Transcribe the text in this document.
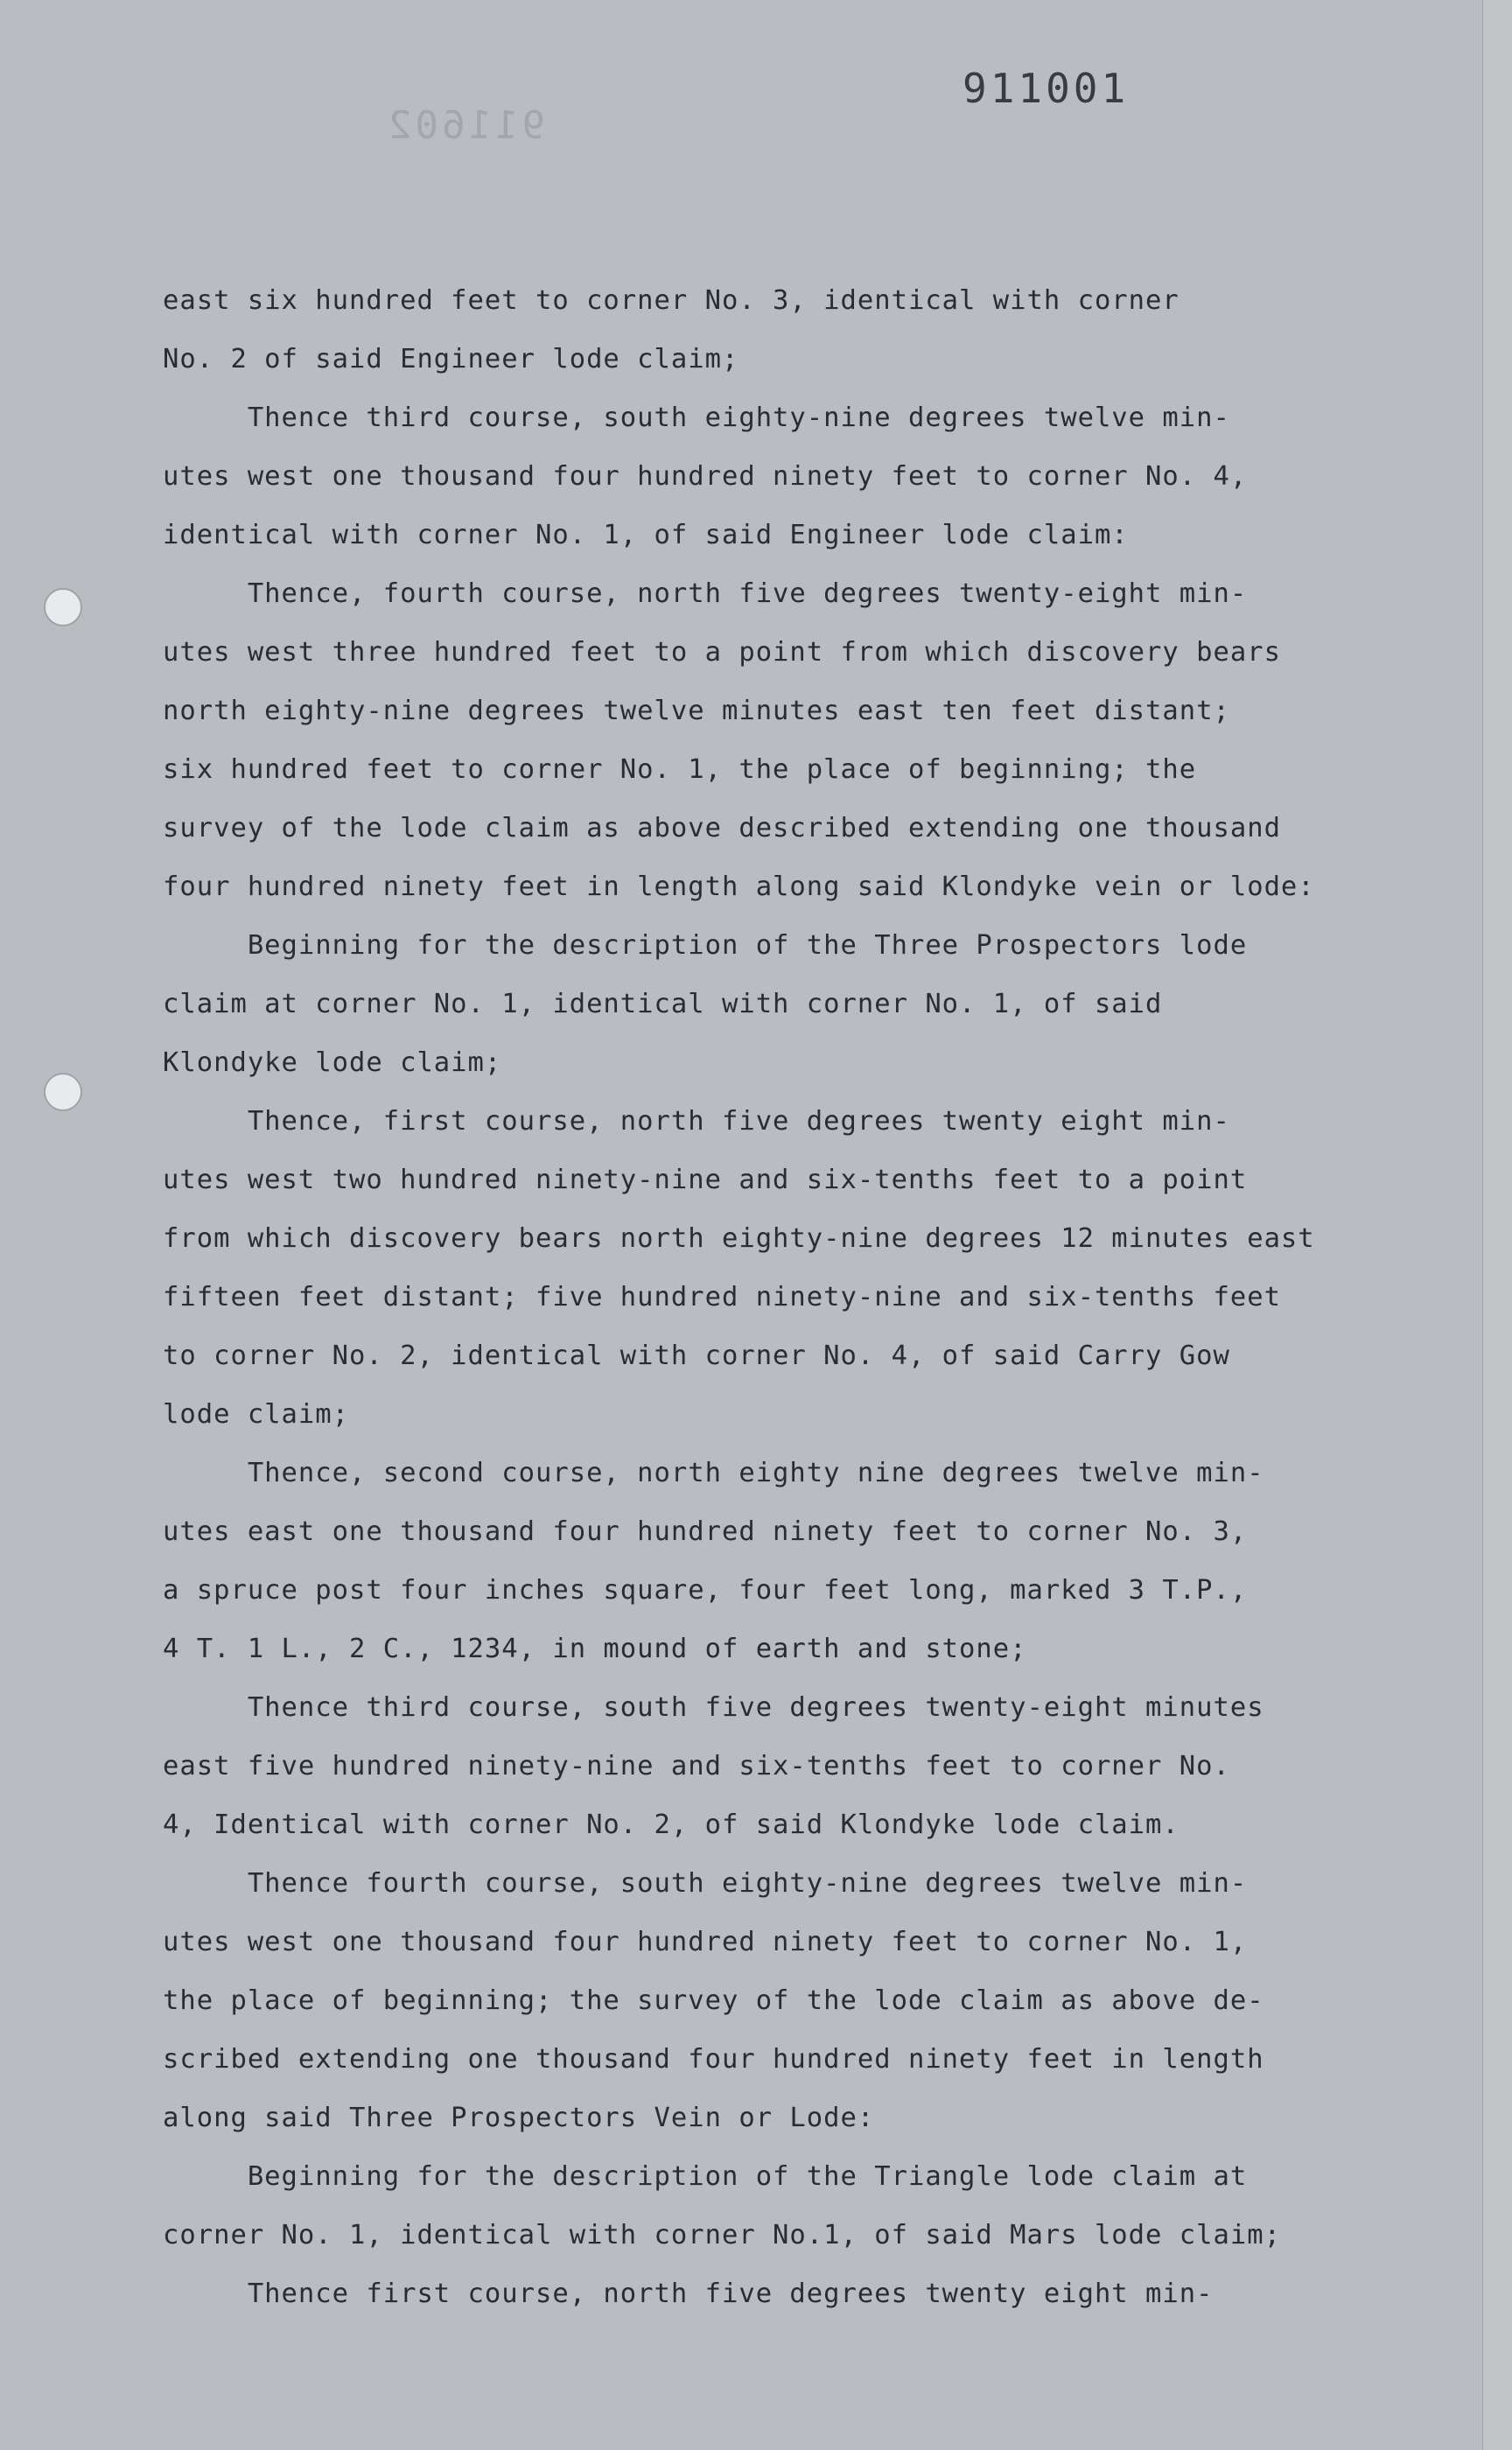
911602
911001
east six hundred feet to corner No. 3, identical with corner
No. 2 of said Engineer lode claim;
Thence third course, south eighty-nine degrees twelve min-
utes west one thousand four hundred ninety feet to corner No. 4,
identical with corner No. 1, of said Engineer lode claim:
Thence, fourth course, north five degrees twenty-eight min-
utes west three hundred feet to a point from which discovery bears
north eighty-nine degrees twelve minutes east ten feet distant;
six hundred feet to corner No. 1, the place of beginning; the
survey of the lode claim as above described extending one thousand
four hundred ninety feet in length along said Klondyke vein or lode:
Beginning for the description of the Three Prospectors lode
claim at corner No. 1, identical with corner No. 1, of said
Klondyke lode claim;
Thence, first course, north five degrees twenty eight min-
utes west two hundred ninety-nine and six-tenths feet to a point
from which discovery bears north eighty-nine degrees 12 minutes east
fifteen feet distant; five hundred ninety-nine and six-tenths feet
to corner No. 2, identical with corner No. 4, of said Carry Gow
lode claim;
Thence, second course, north eighty nine degrees twelve min-
utes east one thousand four hundred ninety feet to corner No. 3,
a spruce post four inches square, four feet long, marked 3 T.P.,
4 T. 1 L., 2 C., 1234, in mound of earth and stone;
Thence third course, south five degrees twenty-eight minutes
east five hundred ninety-nine and six-tenths feet to corner No.
4, Identical with corner No. 2, of said Klondyke lode claim.
Thence fourth course, south eighty-nine degrees twelve min-
utes west one thousand four hundred ninety feet to corner No. 1,
the place of beginning; the survey of the lode claim as above de-
scribed extending one thousand four hundred ninety feet in length
along said Three Prospectors Vein or Lode:
Beginning for the description of the Triangle lode claim at
corner No. 1, identical with corner No.1, of said Mars lode claim;
Thence first course, north five degrees twenty eight min-
